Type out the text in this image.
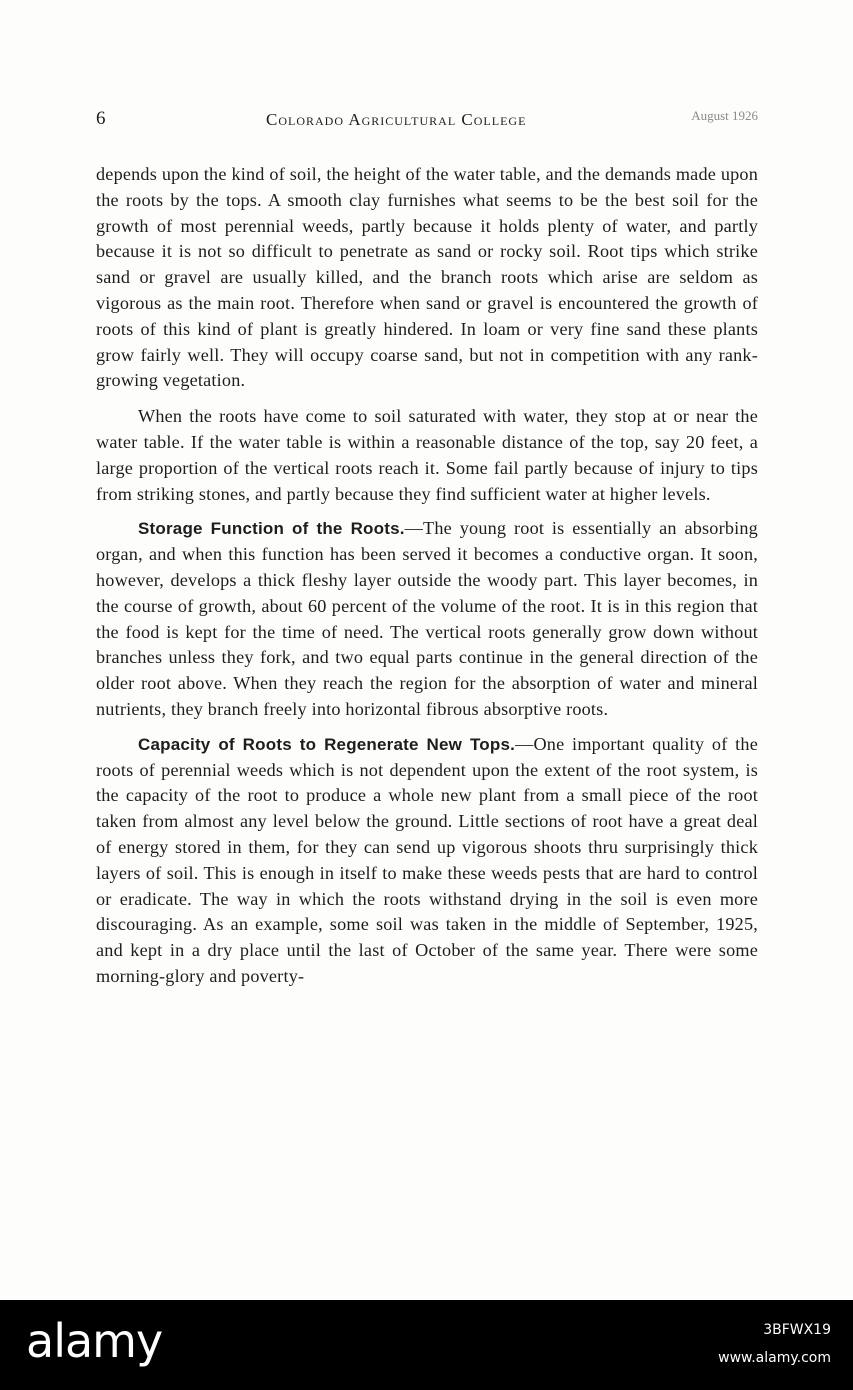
6	Colorado Agricultural College	August 1926

depends upon the kind of soil, the height of the water table, and the demands made upon the roots by the tops. A smooth clay furnishes what seems to be the best soil for the growth of most perennial weeds, partly because it holds plenty of water, and partly because it is not so difficult to penetrate as sand or rocky soil. Root tips which strike sand or gravel are usually killed, and the branch roots which arise are seldom as vigorous as the main root. Therefore when sand or gravel is encountered the growth of roots of this kind of plant is greatly hindered. In loam or very fine sand these plants grow fairly well. They will occupy coarse sand, but not in competition with any rank-growing vegetation.

When the roots have come to soil saturated with water, they stop at or near the water table. If the water table is within a reasonable distance of the top, say 20 feet, a large proportion of the vertical roots reach it. Some fail partly because of injury to tips from striking stones, and partly because they find sufficient water at higher levels.

Storage Function of the Roots.—The young root is essentially an absorbing organ, and when this function has been served it becomes a conductive organ. It soon, however, develops a thick fleshy layer outside the woody part. This layer becomes, in the course of growth, about 60 percent of the volume of the root. It is in this region that the food is kept for the time of need. The vertical roots generally grow down without branches unless they fork, and two equal parts continue in the general direction of the older root above. When they reach the region for the absorption of water and mineral nutrients, they branch freely into horizontal fibrous absorptive roots.

Capacity of Roots to Regenerate New Tops.—One important quality of the roots of perennial weeds which is not dependent upon the extent of the root system, is the capacity of the root to produce a whole new plant from a small piece of the root taken from almost any level below the ground. Little sections of root have a great deal of energy stored in them, for they can send up vigorous shoots thru surprisingly thick layers of soil. This is enough in itself to make these weeds pests that are hard to control or eradicate. The way in which the roots withstand drying in the soil is even more discouraging. As an example, some soil was taken in the middle of September, 1925, and kept in a dry place until the last of October of the same year. There were some morning-glory and poverty-

alamy	3BFWX19
www.alamy.com
